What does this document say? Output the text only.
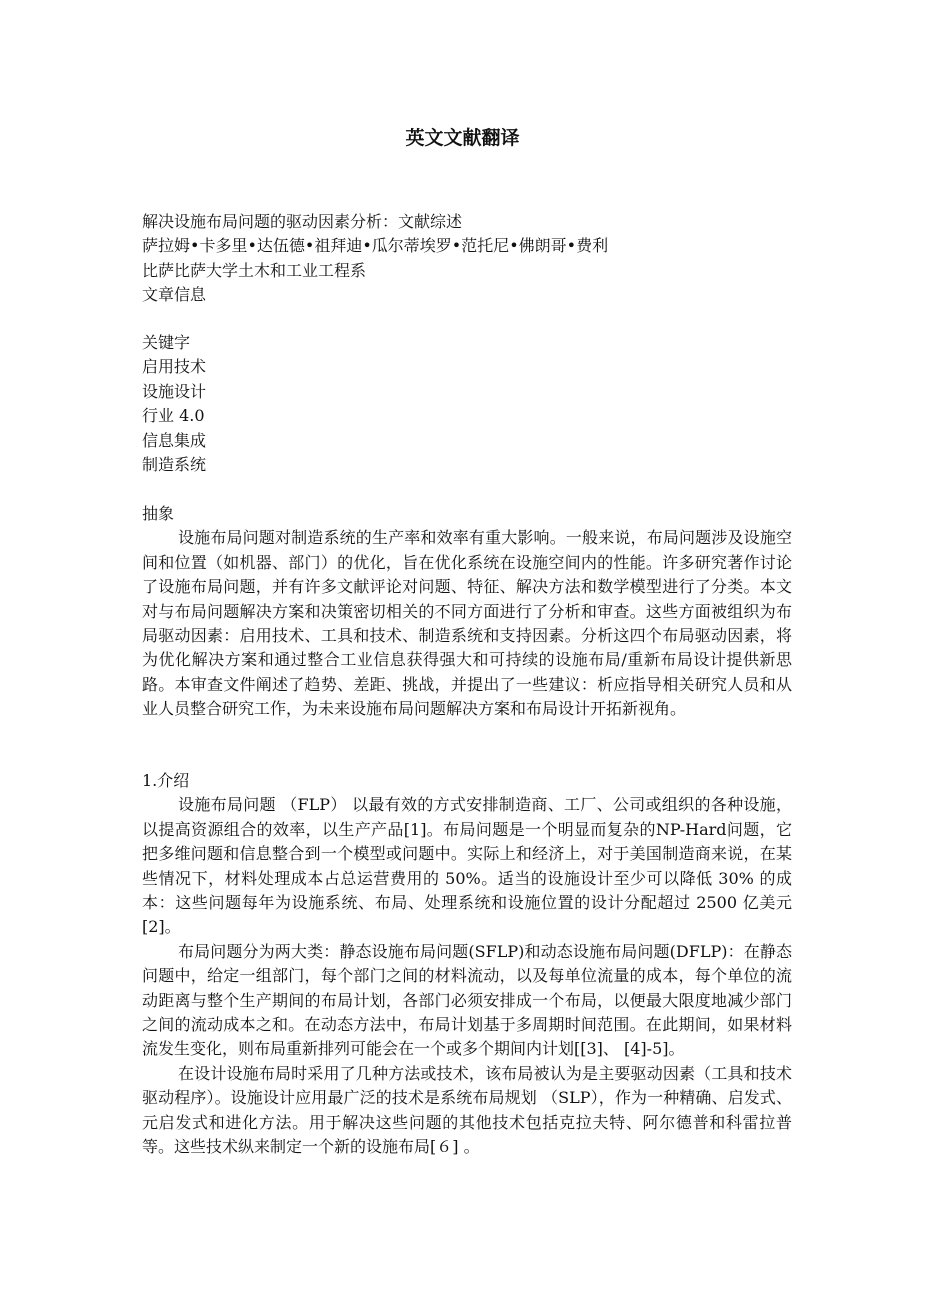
英文文献翻译
解决设施布局问题的驱动因素分析：文献综述
萨拉姆•卡多里•达伍德•祖拜迪•瓜尔蒂埃罗•范托尼•佛朗哥•费利
比萨比萨大学土木和工业工程系
文章信息
关键字
启用技术
设施设计
行业 4.0
信息集成
制造系统

抽象

设施布局问题对制造系统的生产率和效率有重大影响。一般来说，布局问题涉及设施空间和位置（如机器、部门）的优化，旨在优化系统在设施空间内的性能。许多研究著作讨论了设施布局问题，并有许多文献评论对问题、特征、解决方法和数学模型进行了分类。本文对与布局问题解决方案和决策密切相关的不同方面进行了分析和审查。这些方面被组织为布局驱动因素：启用技术、工具和技术、制造系统和支持因素。分析这四个布局驱动因素，将为优化解决方案和通过整合工业信息获得强大和可持续的设施布局/重新布局设计提供新思路。本审查文件阐述了趋势、差距、挑战，并提出了一些建议：析应指导相关研究人员和从业人员整合研究工作，为未来设施布局问题解决方案和布局设计开拓新视角。

1.介绍

设施布局问题 （FLP） 以最有效的方式安排制造商、工厂、公司或组织的各种设施，以提高资源组合的效率，以生产产品[1]。布局问题是一个明显而复杂的NP-Hard问题，它把多维问题和信息整合到一个模型或问题中。实际上和经济上，对于美国制造商来说，在某些情况下，材料处理成本占总运营费用的 50%。适当的设施设计至少可以降低 30% 的成本：这些问题每年为设施系统、布局、处理系统和设施位置的设计分配超过 2500 亿美元[2]。

布局问题分为两大类：静态设施布局问题(SFLP)和动态设施布局问题(DFLP)：在静态问题中，给定一组部门，每个部门之间的材料流动，以及每单位流量的成本，每个单位的流动距离与整个生产期间的布局计划，各部门必须安排成一个布局，以便最大限度地减少部门之间的流动成本之和。在动态方法中，布局计划基于多周期时间范围。在此期间，如果材料流发生变化，则布局重新排列可能会在一个或多个期间内计划[[3]、 [4]-5]。

在设计设施布局时采用了几种方法或技术，该布局被认为是主要驱动因素（工具和技术驱动程序）。设施设计应用最广泛的技术是系统布局规划 （SLP），作为一种精确、启发式、元启发式和进化方法。用于解决这些问题的其他技术包括克拉夫特、阿尔德普和科雷拉普等。这些技术纵来制定一个新的设施布局[６] 。
